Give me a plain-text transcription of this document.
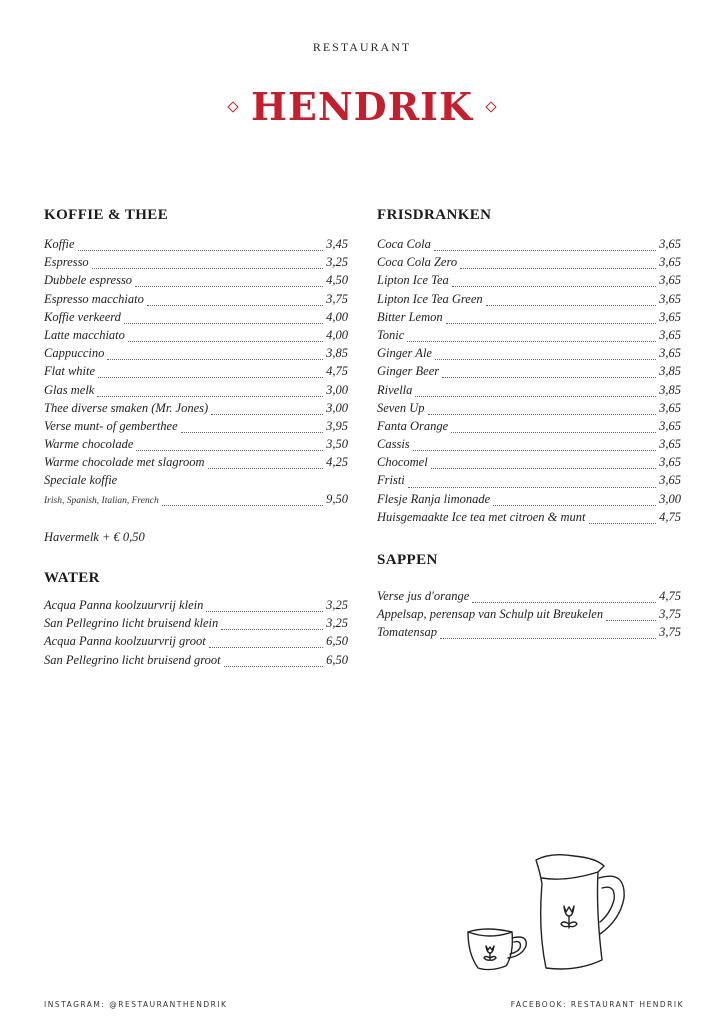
RESTAURANT

HENDRIK
KOFFIE & THEE
Koffie	3,45
Espresso	3,25
Dubbele espresso	4,50
Espresso macchiato	3,75
Koffie verkeerd	4,00
Latte macchiato	4,00
Cappuccino	3,85
Flat white	4,75
Glas melk	3,00
Thee diverse smaken (Mr. Jones)	3,00
Verse munt- of gemberthee	3,95
Warme chocolade	3,50
Warme chocolade met slagroom	4,25
Speciale koffie
Irish, Spanish, Italian, French	9,50
Havermelk + € 0,50
WATER
Acqua Panna koolzuurvrij klein	3,25
San Pellegrino licht bruisend klein	3,25
Acqua Panna koolzuurvrij groot	6,50
San Pellegrino licht bruisend groot	6,50
FRISDRANKEN
Coca Cola	3,65
Coca Cola Zero	3,65
Lipton Ice Tea	3,65
Lipton Ice Tea Green	3,65
Bitter Lemon	3,65
Tonic	3,65
Ginger Ale	3,65
Ginger Beer	3,85
Rivella	3,85
Seven Up	3,65
Fanta Orange	3,65
Cassis	3,65
Chocomel	3,65
Fristi	3,65
Flesje Ranja limonade	3,00
Huisgemaakte Ice tea met citroen & munt	4,75
SAPPEN
Verse jus d'orange	4,75
Appelsap, perensap van Schulp uit Breukelen	3,75
Tomatensap	3,75
INSTAGRAM: @RESTAURANTHENDRIK	FACEBOOK: RESTAURANT HENDRIK
